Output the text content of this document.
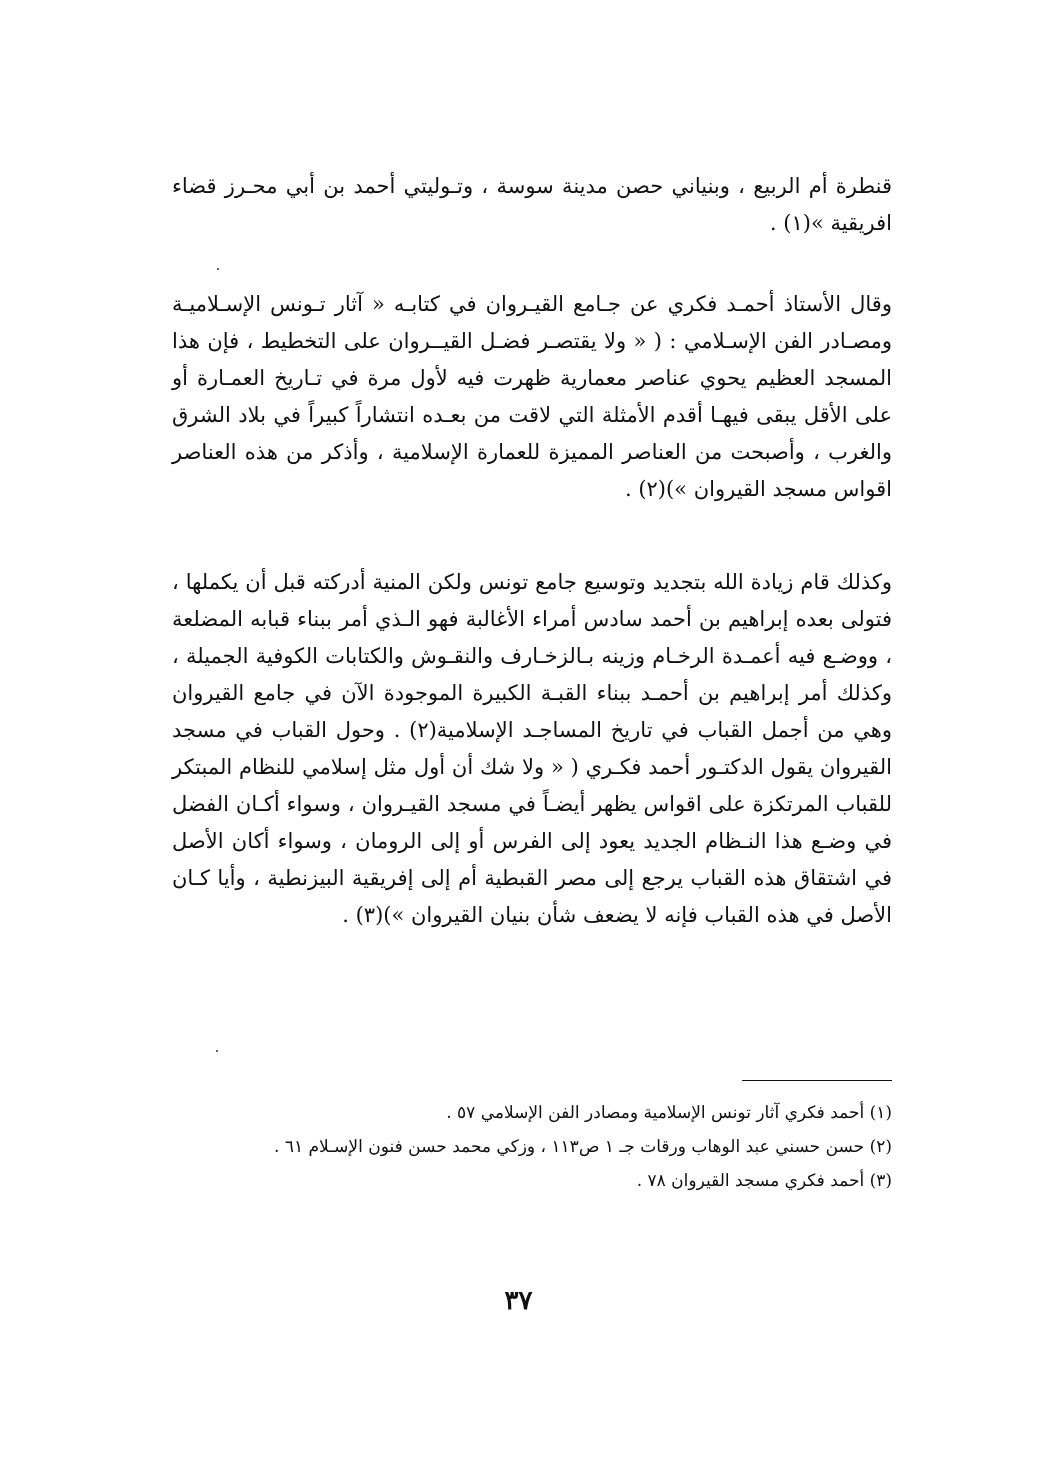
قنطرة أم الربيع ، وبنياني حصن مدينة سوسة ، وتـوليتي أحمد بن أبي محـرز قضاء افريقية »(١) .

وقال الأستاذ أحمـد فكري عن جـامع القيـروان في كتابـه « آثار تـونس الإسـلاميـة ومصـادر الفن الإسـلامي : ( « ولا يقتصـر فضـل القيــروان على التخطيط ، فإن هذا المسجد العظيم يحوي عناصر معمارية ظهرت فيه لأول مرة في تـاريخ العمـارة أو على الأقل يبقى فيهـا أقدم الأمثلة التي لاقت من بعـده انتشاراً كبيراً في بلاد الشرق والغرب ، وأصبحت من العناصر المميزة للعمارة الإسلامية ، وأذكر من هذه العناصر اقواس مسجد القيروان »)(٢) .

وكذلك قام زيادة الله بتجديد وتوسيع جامع تونس ولكن المنية أدركته قبل أن يكملها ، فتولى بعده إبراهيم بن أحمد سادس أمراء الأغالبة فهو الـذي أمر ببناء قبابه المضلعة ، ووضـع فيه أعمـدة الرخـام وزينه بـالزخـارف والنقـوش والكتابات الكوفية الجميلة ، وكذلك أمر إبراهيم بن أحمـد ببناء القبـة الكبيرة الموجودة الآن في جامع القيروان وهي من أجمل القباب في تاريخ المساجـد الإسلامية(٢) . وحول القباب في مسجد القيروان يقول الدكتـور أحمد فكـري ( « ولا شك أن أول مثل إسلامي للنظام المبتكر للقباب المرتكزة على اقواس يظهر أيضـاً في مسجد القيـروان ، وسواء أكـان الفضل في وضـع هذا النـظام الجديد يعود إلى الفرس أو إلى الرومان ، وسواء أكان الأصل في اشتقاق هذه القباب يرجع إلى مصر القبطية أم إلى إفريقية البيزنطية ، وأيا كـان الأصل في هذه القباب فإنه لا يضعف شأن بنيان القيروان »)(٣) .

(١) أحمد فكري آثار تونس الإسلامية ومصادر الفن الإسلامي ٥٧ .

(٢) حسن حسني عبد الوهاب ورقات جـ ١ ص١١٣ ، وزكي محمد حسن فنون الإسـلام ٦١ .

(٣) أحمد فكري مسجد القيروان ٧٨ .

٣٧
